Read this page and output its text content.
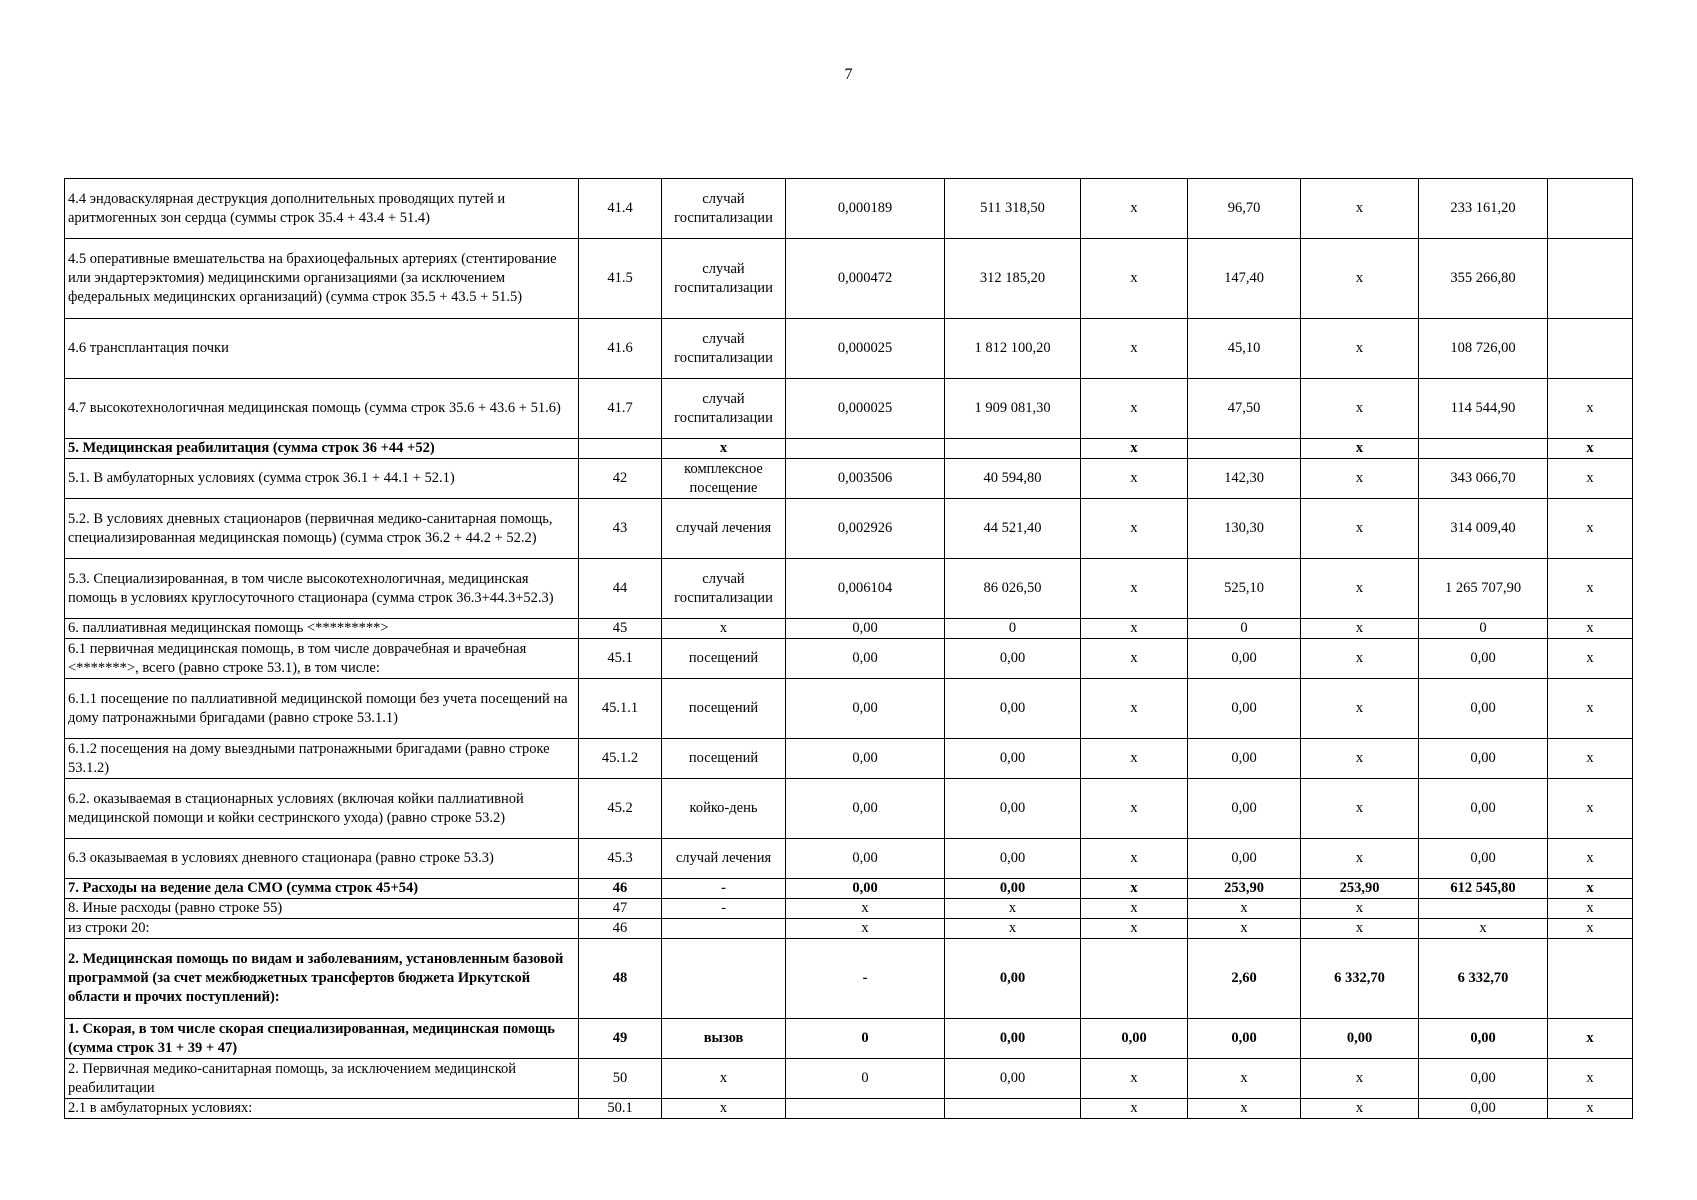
7
4.4 эндоваскулярная деструкция дополнительных проводящих путей и аритмогенных зон сердца (суммы строк 35.4 + 43.4 + 51.4)	41.4	случай госпитализации	0,000189	511 318,50	х	96,70	х	233 161,20	
4.5 оперативные вмешательства на брахиоцефальных артериях (стентирование или эндартерэктомия) медицинскими организациями (за исключением федеральных медицинских организаций) (сумма строк 35.5 + 43.5 + 51.5)	41.5	случай госпитализации	0,000472	312 185,20	х	147,40	х	355 266,80	
4.6 трансплантация почки	41.6	случай госпитализации	0,000025	1 812 100,20	х	45,10	х	108 726,00	
4.7 высокотехнологичная медицинская помощь (сумма строк 35.6 + 43.6 + 51.6)	41.7	случай госпитализации	0,000025	1 909 081,30	х	47,50	х	114 544,90	х
5. Медицинская реабилитация (сумма строк 36 +44 +52)		х			х		х		х
5.1. В амбулаторных условиях (сумма строк 36.1 + 44.1 + 52.1)	42	комплексное посещение	0,003506	40 594,80	х	142,30	х	343 066,70	х
5.2. В условиях дневных стационаров (первичная медико-санитарная помощь, специализированная медицинская помощь) (сумма строк 36.2 + 44.2 + 52.2)	43	случай лечения	0,002926	44 521,40	х	130,30	х	314 009,40	х
5.3. Специализированная, в том числе высокотехнологичная, медицинская помощь в условиях круглосуточного стационара (сумма строк 36.3+44.3+52.3)	44	случай госпитализации	0,006104	86 026,50	х	525,10	х	1 265 707,90	х
6. паллиативная медицинская помощь <*********>	45	х	0,00	0	х	0	х	0	х
6.1 первичная медицинская помощь, в том числе доврачебная и врачебная <*******>, всего (равно строке 53.1), в том числе:	45.1	посещений	0,00	0,00	х	0,00	х	0,00	х
6.1.1 посещение по паллиативной медицинской помощи без учета посещений на дому патронажными бригадами (равно строке 53.1.1)	45.1.1	посещений	0,00	0,00	х	0,00	х	0,00	х
6.1.2 посещения на дому выездными патронажными бригадами (равно строке 53.1.2)	45.1.2	посещений	0,00	0,00	х	0,00	х	0,00	х
6.2. оказываемая в стационарных условиях (включая койки паллиативной медицинской помощи и койки сестринского ухода) (равно строке 53.2)	45.2	койко-день	0,00	0,00	х	0,00	х	0,00	х
6.3 оказываемая в условиях дневного стационара (равно строке 53.3)	45.3	случай лечения	0,00	0,00	х	0,00	х	0,00	х
7. Расходы на ведение дела СМО (сумма строк 45+54)	46	-	0,00	0,00	х	253,90	253,90	612 545,80	х
8. Иные расходы (равно строке 55)	47	-	х	х	х	х	х		х
из строки 20:	46		х	х	х	х	х	х	х
2. Медицинская помощь по видам и заболеваниям, установленным базовой программой (за счет межбюджетных трансфертов бюджета Иркутской области и прочих поступлений):	48		-	0,00		2,60	6 332,70	6 332,70	
1. Скорая, в том числе скорая специализированная, медицинская помощь (сумма строк 31 + 39 + 47)	49	вызов	0	0,00	0,00	0,00	0,00	0,00	х
2. Первичная медико-санитарная помощь, за исключением медицинской реабилитации	50	х	0	0,00	х	х	х	0,00	х
2.1 в амбулаторных условиях:	50.1	х			х	х	х	0,00	х
